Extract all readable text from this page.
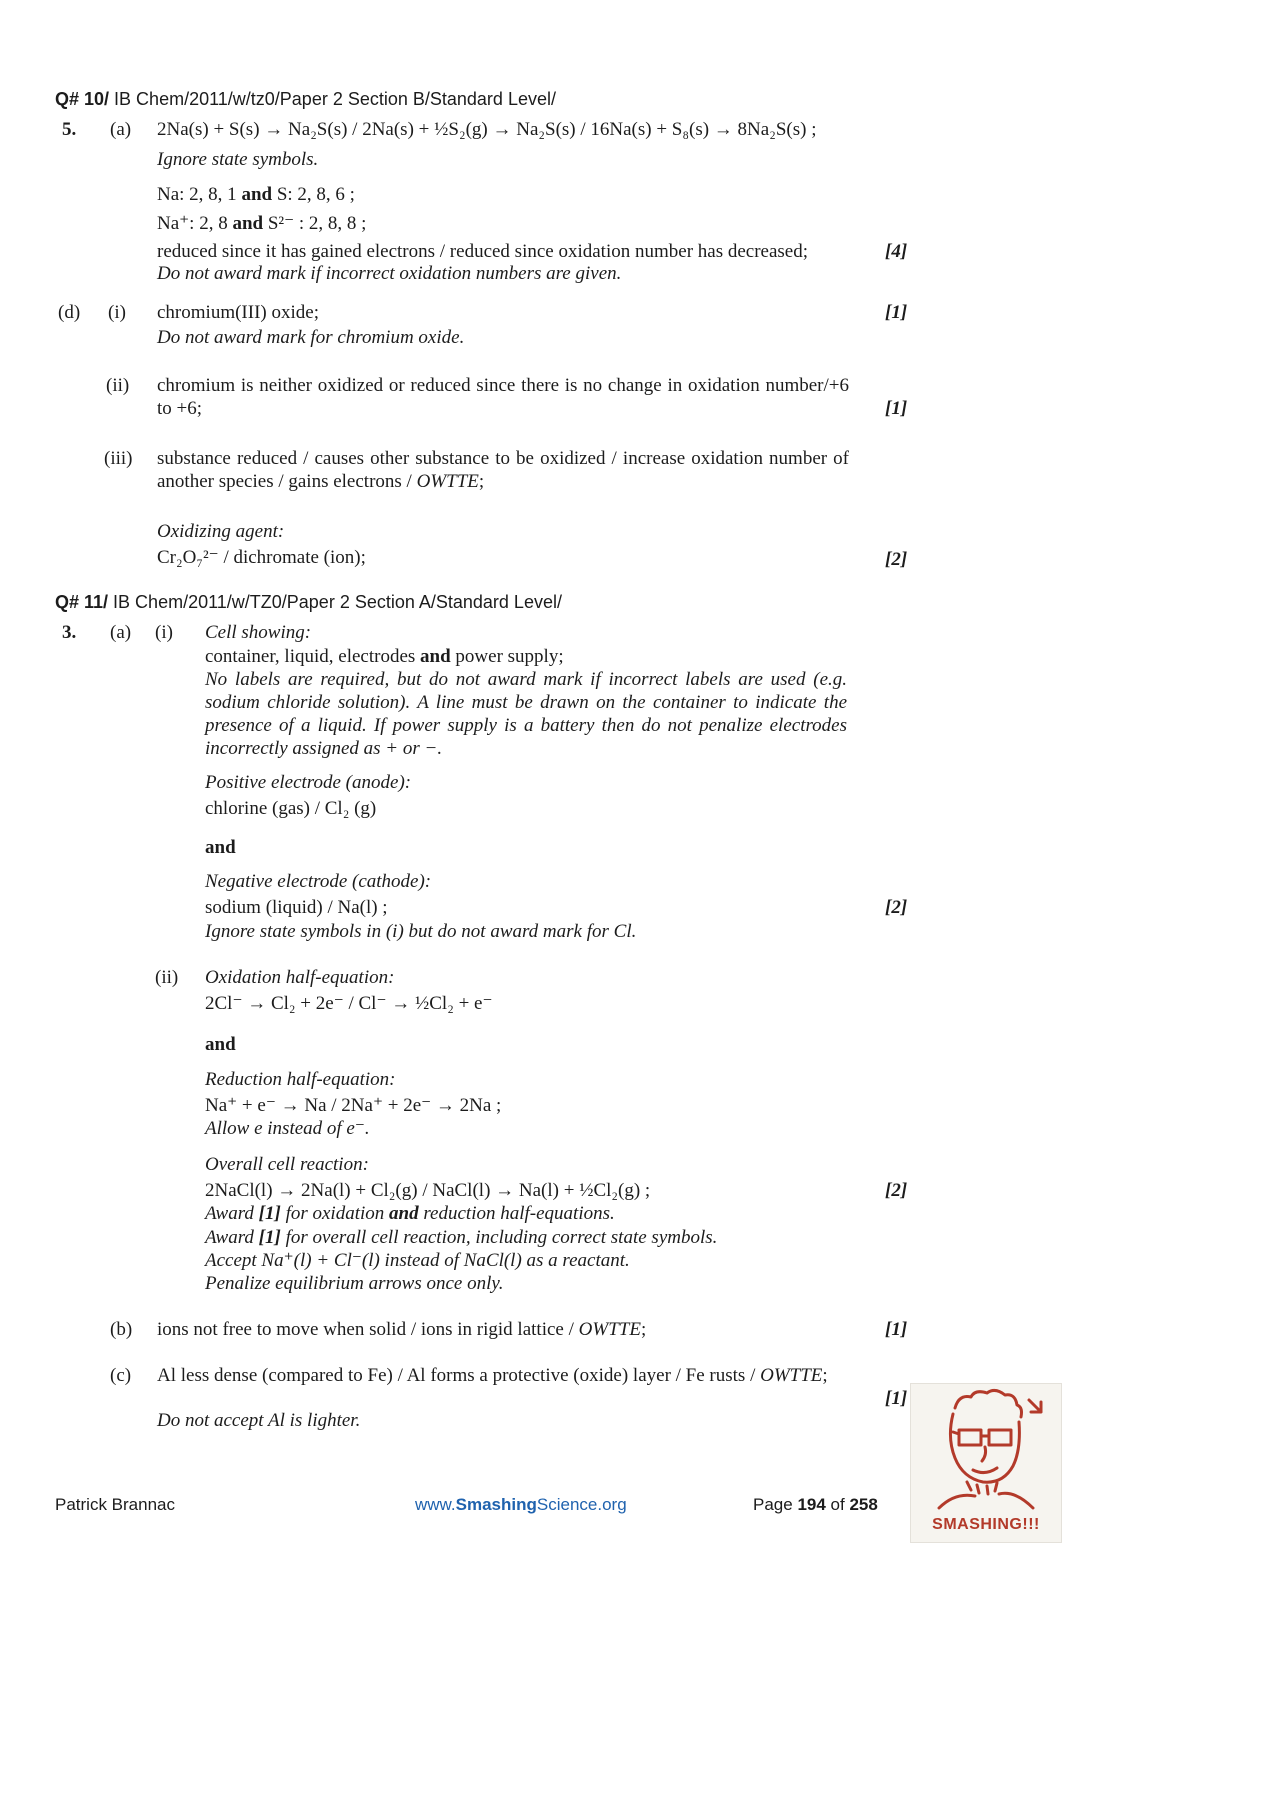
Q# 10/ IB Chem/2011/w/tz0/Paper 2 Section B/Standard Level/
5. (a) 2Na(s) + S(s) → Na₂S(s) / 2Na(s) + ½S₂(g) → Na₂S(s) / 16Na(s) + S₈(s) → 8Na₂S(s) ;
Ignore state symbols.
Na: 2, 8, 1 and S: 2, 8, 6 ;
Na⁺: 2, 8 and S²⁻ : 2, 8, 8 ;
reduced since it has gained electrons / reduced since oxidation number has decreased;	[4]
Do not award mark if incorrect oxidation numbers are given.
(d) (i) chromium(III) oxide;	[1]
Do not award mark for chromium oxide.
(ii) chromium is neither oxidized or reduced since there is no change in oxidation number/+6 to +6;	[1]
(iii) substance reduced / causes other substance to be oxidized / increase oxidation number of another species / gains electrons / OWTTE;
Oxidizing agent:
Cr₂O₇²⁻ / dichromate (ion);	[2]
Q# 11/ IB Chem/2011/w/TZ0/Paper 2 Section A/Standard Level/
3. (a) (i) Cell showing:
container, liquid, electrodes and power supply;
No labels are required, but do not award mark if incorrect labels are used (e.g. sodium chloride solution). A line must be drawn on the container to indicate the presence of a liquid. If power supply is a battery then do not penalize electrodes incorrectly assigned as + or −.
Positive electrode (anode):
chlorine (gas) / Cl₂ (g)
and
Negative electrode (cathode):
sodium (liquid) / Na(l) ;	[2]
Ignore state symbols in (i) but do not award mark for Cl.
(ii) Oxidation half-equation:
2Cl⁻ → Cl₂ + 2e⁻ / Cl⁻ → ½Cl₂ + e⁻
and
Reduction half-equation:
Na⁺ + e⁻ → Na / 2Na⁺ + 2e⁻ → 2Na ;
Allow e instead of e⁻.
Overall cell reaction:
2NaCl(l) → 2Na(l) + Cl₂(g) / NaCl(l) → Na(l) + ½Cl₂(g) ;	[2]
Award [1] for oxidation and reduction half-equations.
Award [1] for overall cell reaction, including correct state symbols.
Accept Na⁺(l) + Cl⁻(l) instead of NaCl(l) as a reactant.
Penalize equilibrium arrows once only.
(b) ions not free to move when solid / ions in rigid lattice / OWTTE;	[1]
(c) Al less dense (compared to Fe) / Al forms a protective (oxide) layer / Fe rusts / OWTTE;
[1]
Do not accept Al is lighter.
Patrick Brannac	www.SmashingScience.org	Page 194 of 258
SMASHING!!!
